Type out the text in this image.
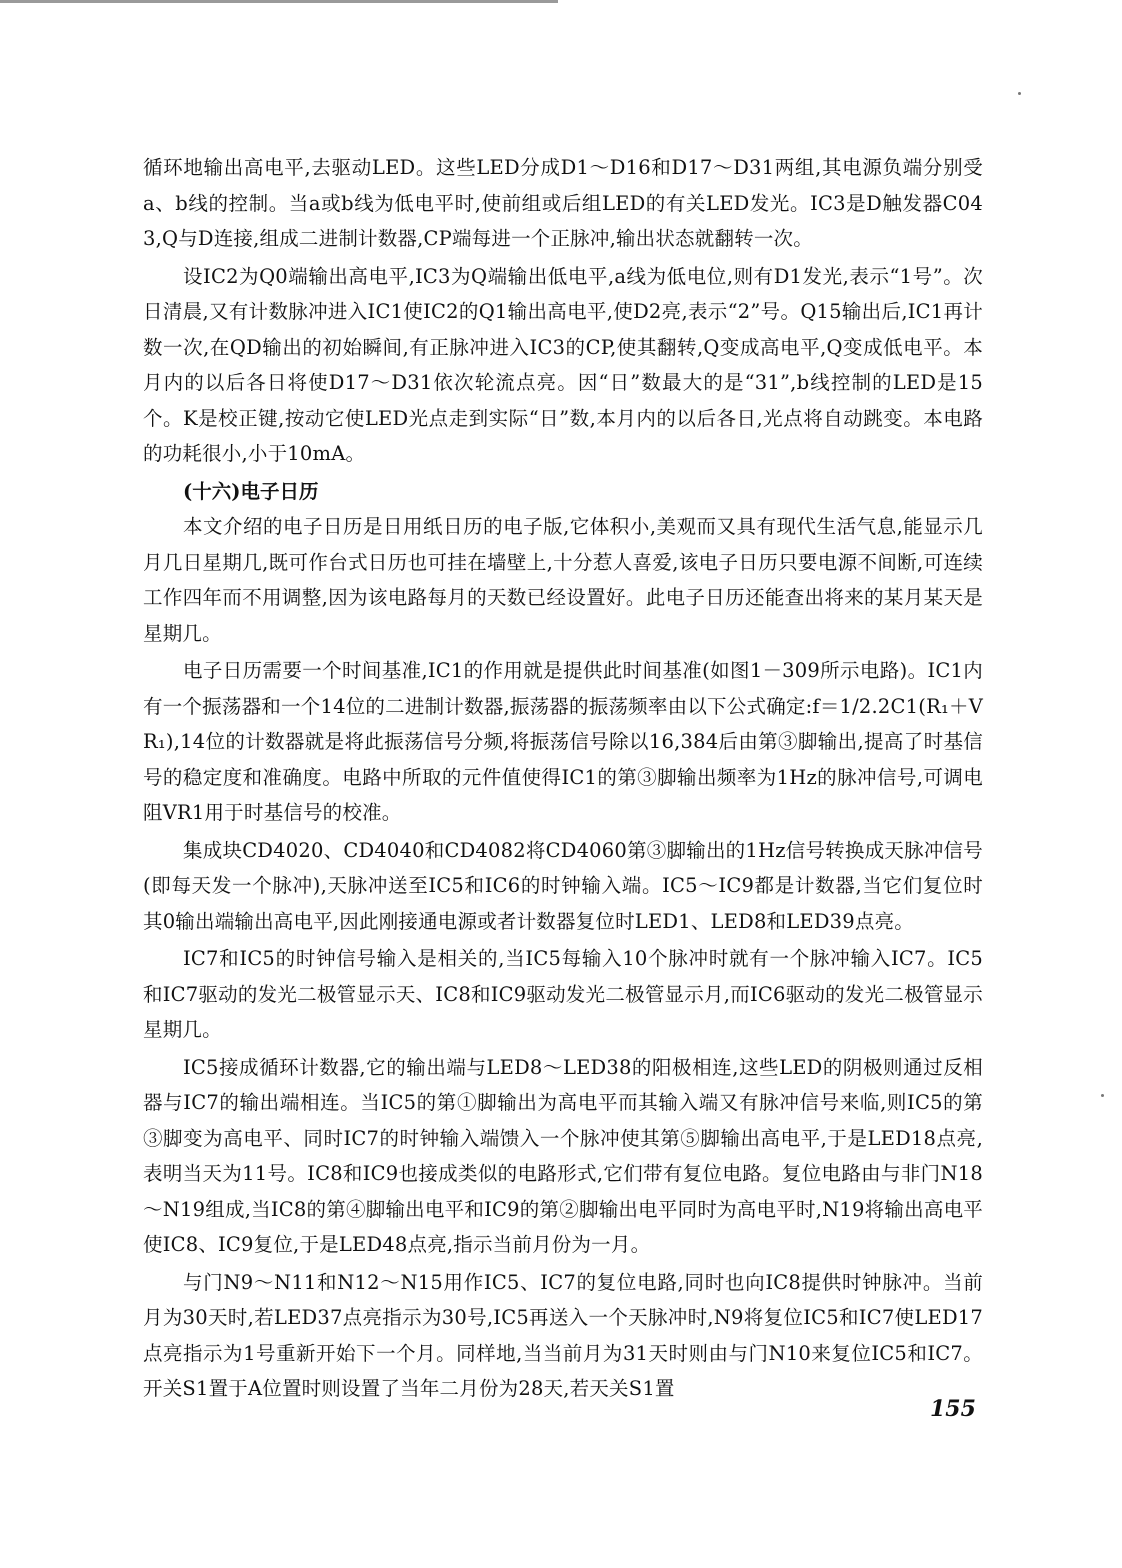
循环地输出高电平,去驱动LED。这些LED分成D1～D16和D17～D31两组,其电源负端分别受a、b线的控制。当a或b线为低电平时,使前组或后组LED的有关LED发光。IC3是D触发器C043,Q与D连接,组成二进制计数器,CP端每进一个正脉冲,输出状态就翻转一次。

设IC2为Q0端输出高电平,IC3为Q端输出低电平,a线为低电位,则有D1发光,表示“1号”。次日清晨,又有计数脉冲进入IC1使IC2的Q1输出高电平,使D2亮,表示“2”号。Q15输出后,IC1再计数一次,在QD输出的初始瞬间,有正脉冲进入IC3的CP,使其翻转,Q变成高电平,Q变成低电平。本月内的以后各日将使D17～D31依次轮流点亮。因“日”数最大的是“31”,b线控制的LED是15个。K是校正键,按动它使LED光点走到实际“日”数,本月内的以后各日,光点将自动跳变。本电路的功耗很小,小于10mA。

(十六)电子日历

本文介绍的电子日历是日用纸日历的电子版,它体积小,美观而又具有现代生活气息,能显示几月几日星期几,既可作台式日历也可挂在墙壁上,十分惹人喜爱,该电子日历只要电源不间断,可连续工作四年而不用调整,因为该电路每月的天数已经设置好。此电子日历还能查出将来的某月某天是星期几。

电子日历需要一个时间基准,IC1的作用就是提供此时间基准(如图1－309所示电路)。IC1内有一个振荡器和一个14位的二进制计数器,振荡器的振荡频率由以下公式确定:f＝1/2.2C1(R₁＋VR₁),14位的计数器就是将此振荡信号分频,将振荡信号除以16,384后由第③脚输出,提高了时基信号的稳定度和准确度。电路中所取的元件值使得IC1的第③脚输出频率为1Hz的脉冲信号,可调电阻VR1用于时基信号的校准。

集成块CD4020、CD4040和CD4082将CD4060第③脚输出的1Hz信号转换成天脉冲信号(即每天发一个脉冲),天脉冲送至IC5和IC6的时钟输入端。IC5～IC9都是计数器,当它们复位时其0输出端输出高电平,因此刚接通电源或者计数器复位时LED1、LED8和LED39点亮。

IC7和IC5的时钟信号输入是相关的,当IC5每输入10个脉冲时就有一个脉冲输入IC7。IC5和IC7驱动的发光二极管显示天、IC8和IC9驱动发光二极管显示月,而IC6驱动的发光二极管显示星期几。

IC5接成循环计数器,它的输出端与LED8～LED38的阳极相连,这些LED的阴极则通过反相器与IC7的输出端相连。当IC5的第①脚输出为高电平而其输入端又有脉冲信号来临,则IC5的第③脚变为高电平、同时IC7的时钟输入端馈入一个脉冲使其第⑤脚输出高电平,于是LED18点亮,表明当天为11号。IC8和IC9也接成类似的电路形式,它们带有复位电路。复位电路由与非门N18～N19组成,当IC8的第④脚输出电平和IC9的第②脚输出电平同时为高电平时,N19将输出高电平使IC8、IC9复位,于是LED48点亮,指示当前月份为一月。

与门N9～N11和N12～N15用作IC5、IC7的复位电路,同时也向IC8提供时钟脉冲。当前月为30天时,若LED37点亮指示为30号,IC5再送入一个天脉冲时,N9将复位IC5和IC7使LED17点亮指示为1号重新开始下一个月。同样地,当当前月为31天时则由与门N10来复位IC5和IC7。开关S1置于A位置时则设置了当年二月份为28天,若天关S1置

155
